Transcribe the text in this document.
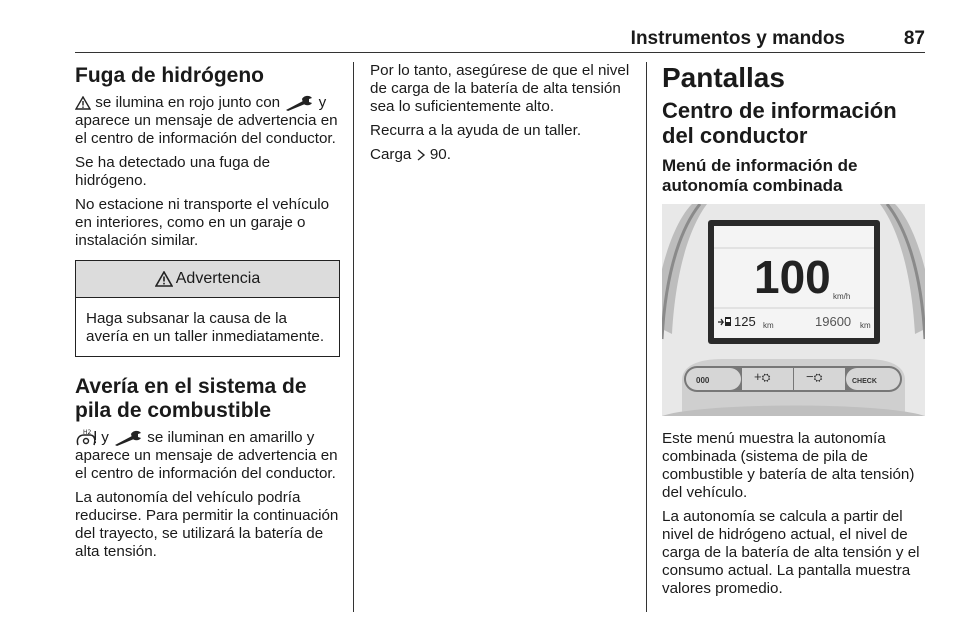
Instrumentos y mandos	87
Fuga de hidrógeno

se ilumina en rojo junto con  y aparece un mensaje de advertencia en el centro de información del conductor.

Se ha detectado una fuga de hidrógeno.

No estacione ni transporte el vehículo en interiores, como en un garaje o instalación similar.

Advertencia
Haga subsanar la causa de la avería en un taller inmediatamente.
Avería en el sistema de pila de combustible

H2 y  se iluminan en amarillo y aparece un mensaje de advertencia en el centro de información del conductor.

La autonomía del vehículo podría reducirse. Para permitir la continuación del trayecto, se utilizará la batería de alta tensión.

Por lo tanto, asegúrese de que el nivel de carga de la batería de alta tensión sea lo suficientemente alto.

Recurra a la ayuda de un taller.

Carga  90.

Pantallas
Centro de información del conductor
Menú de información de autonomía combinada
100 km/h
125 km	19600 km
000	+⛭	−⛭	CHECK

Este menú muestra la autonomía combinada (sistema de pila de combustible y batería de alta tensión) del vehículo.

La autonomía se calcula a partir del nivel de hidrógeno actual, el nivel de carga de la batería de alta tensión y el consumo actual. La pantalla muestra valores promedio.
